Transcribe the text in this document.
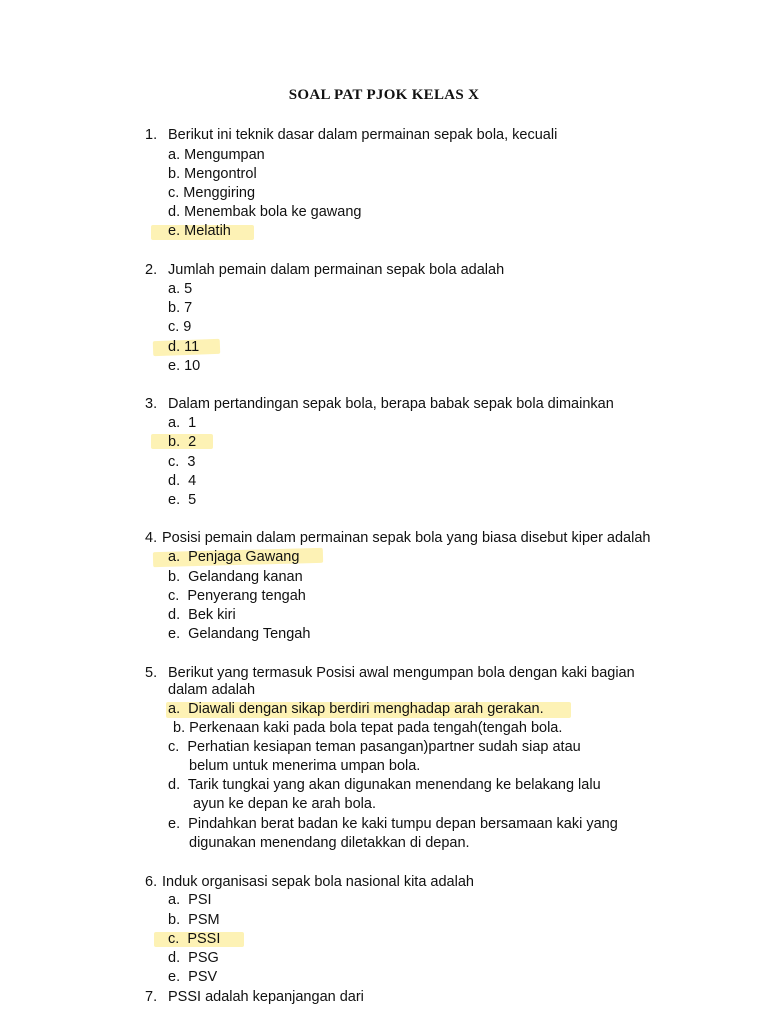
SOAL PAT PJOK KELAS X
1. Berikut ini teknik dasar dalam permainan sepak bola, kecuali
a. Mengumpan
b. Mengontrol
c. Menggiring
d. Menembak bola ke gawang
e. Melatih
2. Jumlah pemain dalam permainan sepak bola adalah
a. 5
b. 7
c. 9
d. 11
e. 10
3. Dalam pertandingan sepak bola, berapa babak sepak bola dimainkan
a.  1
b.  2
c.  3
d.  4
e.  5
4. Posisi pemain dalam permainan sepak bola yang biasa disebut kiper adalah
a.  Penjaga Gawang
b.  Gelandang kanan
c.  Penyerang tengah
d.  Bek kiri
e.  Gelandang Tengah
5. Berikut yang termasuk Posisi awal mengumpan bola dengan kaki bagian
dalam adalah
a.  Diawali dengan sikap berdiri menghadap arah gerakan.
b. Perkenaan kaki pada bola tepat pada tengah(tengah bola.
c.  Perhatian kesiapan teman pasangan)partner sudah siap atau
belum untuk menerima umpan bola.
d.  Tarik tungkai yang akan digunakan menendang ke belakang lalu
ayun ke depan ke arah bola.
e.  Pindahkan berat badan ke kaki tumpu depan bersamaan kaki yang
digunakan menendang diletakkan di depan.
6. Induk organisasi sepak bola nasional kita adalah
a.  PSI
b.  PSM
c.  PSSI
d.  PSG
e.  PSV
7. PSSI adalah kepanjangan dari
